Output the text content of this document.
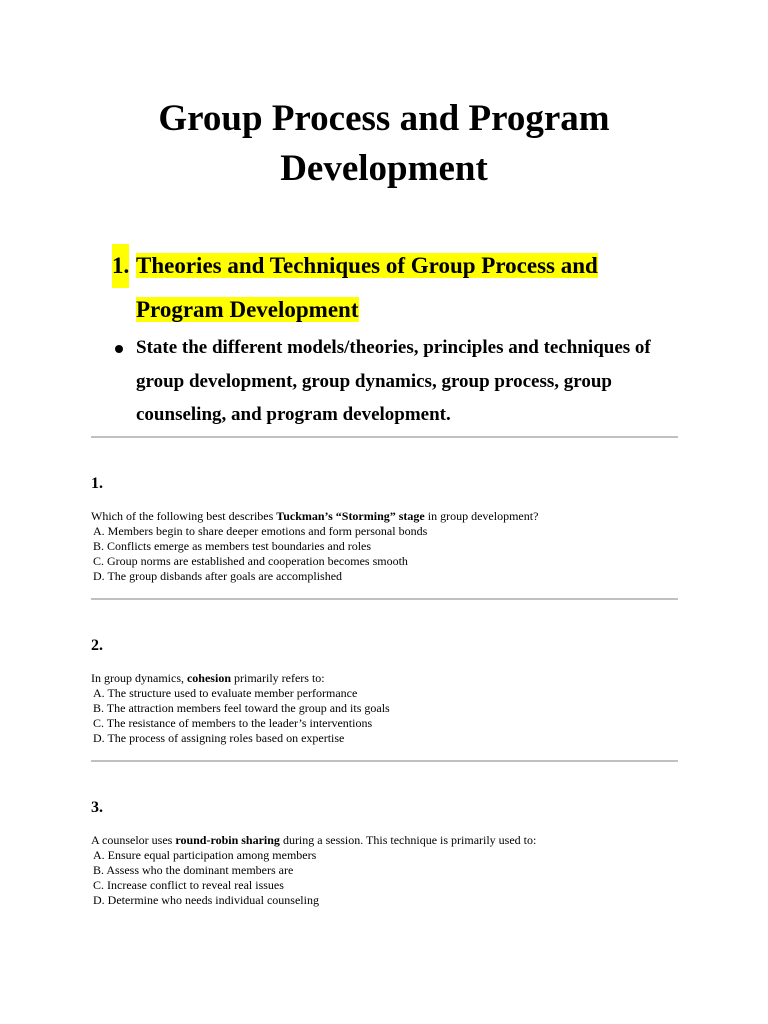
Group Process and Program
Development
1. Theories and Techniques of Group Process and
Program Development

State the different models/theories, principles and techniques of group development, group dynamics, group process, group counseling, and program development.

1.

Which of the following best describes Tuckman’s “Storming” stage in group development?
A. Members begin to share deeper emotions and form personal bonds
B. Conflicts emerge as members test boundaries and roles
C. Group norms are established and cooperation becomes smooth
D. The group disbands after goals are accomplished

2.

In group dynamics, cohesion primarily refers to:
A. The structure used to evaluate member performance
B. The attraction members feel toward the group and its goals
C. The resistance of members to the leader’s interventions
D. The process of assigning roles based on expertise

3.

A counselor uses round-robin sharing during a session. This technique is primarily used to:
A. Ensure equal participation among members
B. Assess who the dominant members are
C. Increase conflict to reveal real issues
D. Determine who needs individual counseling
